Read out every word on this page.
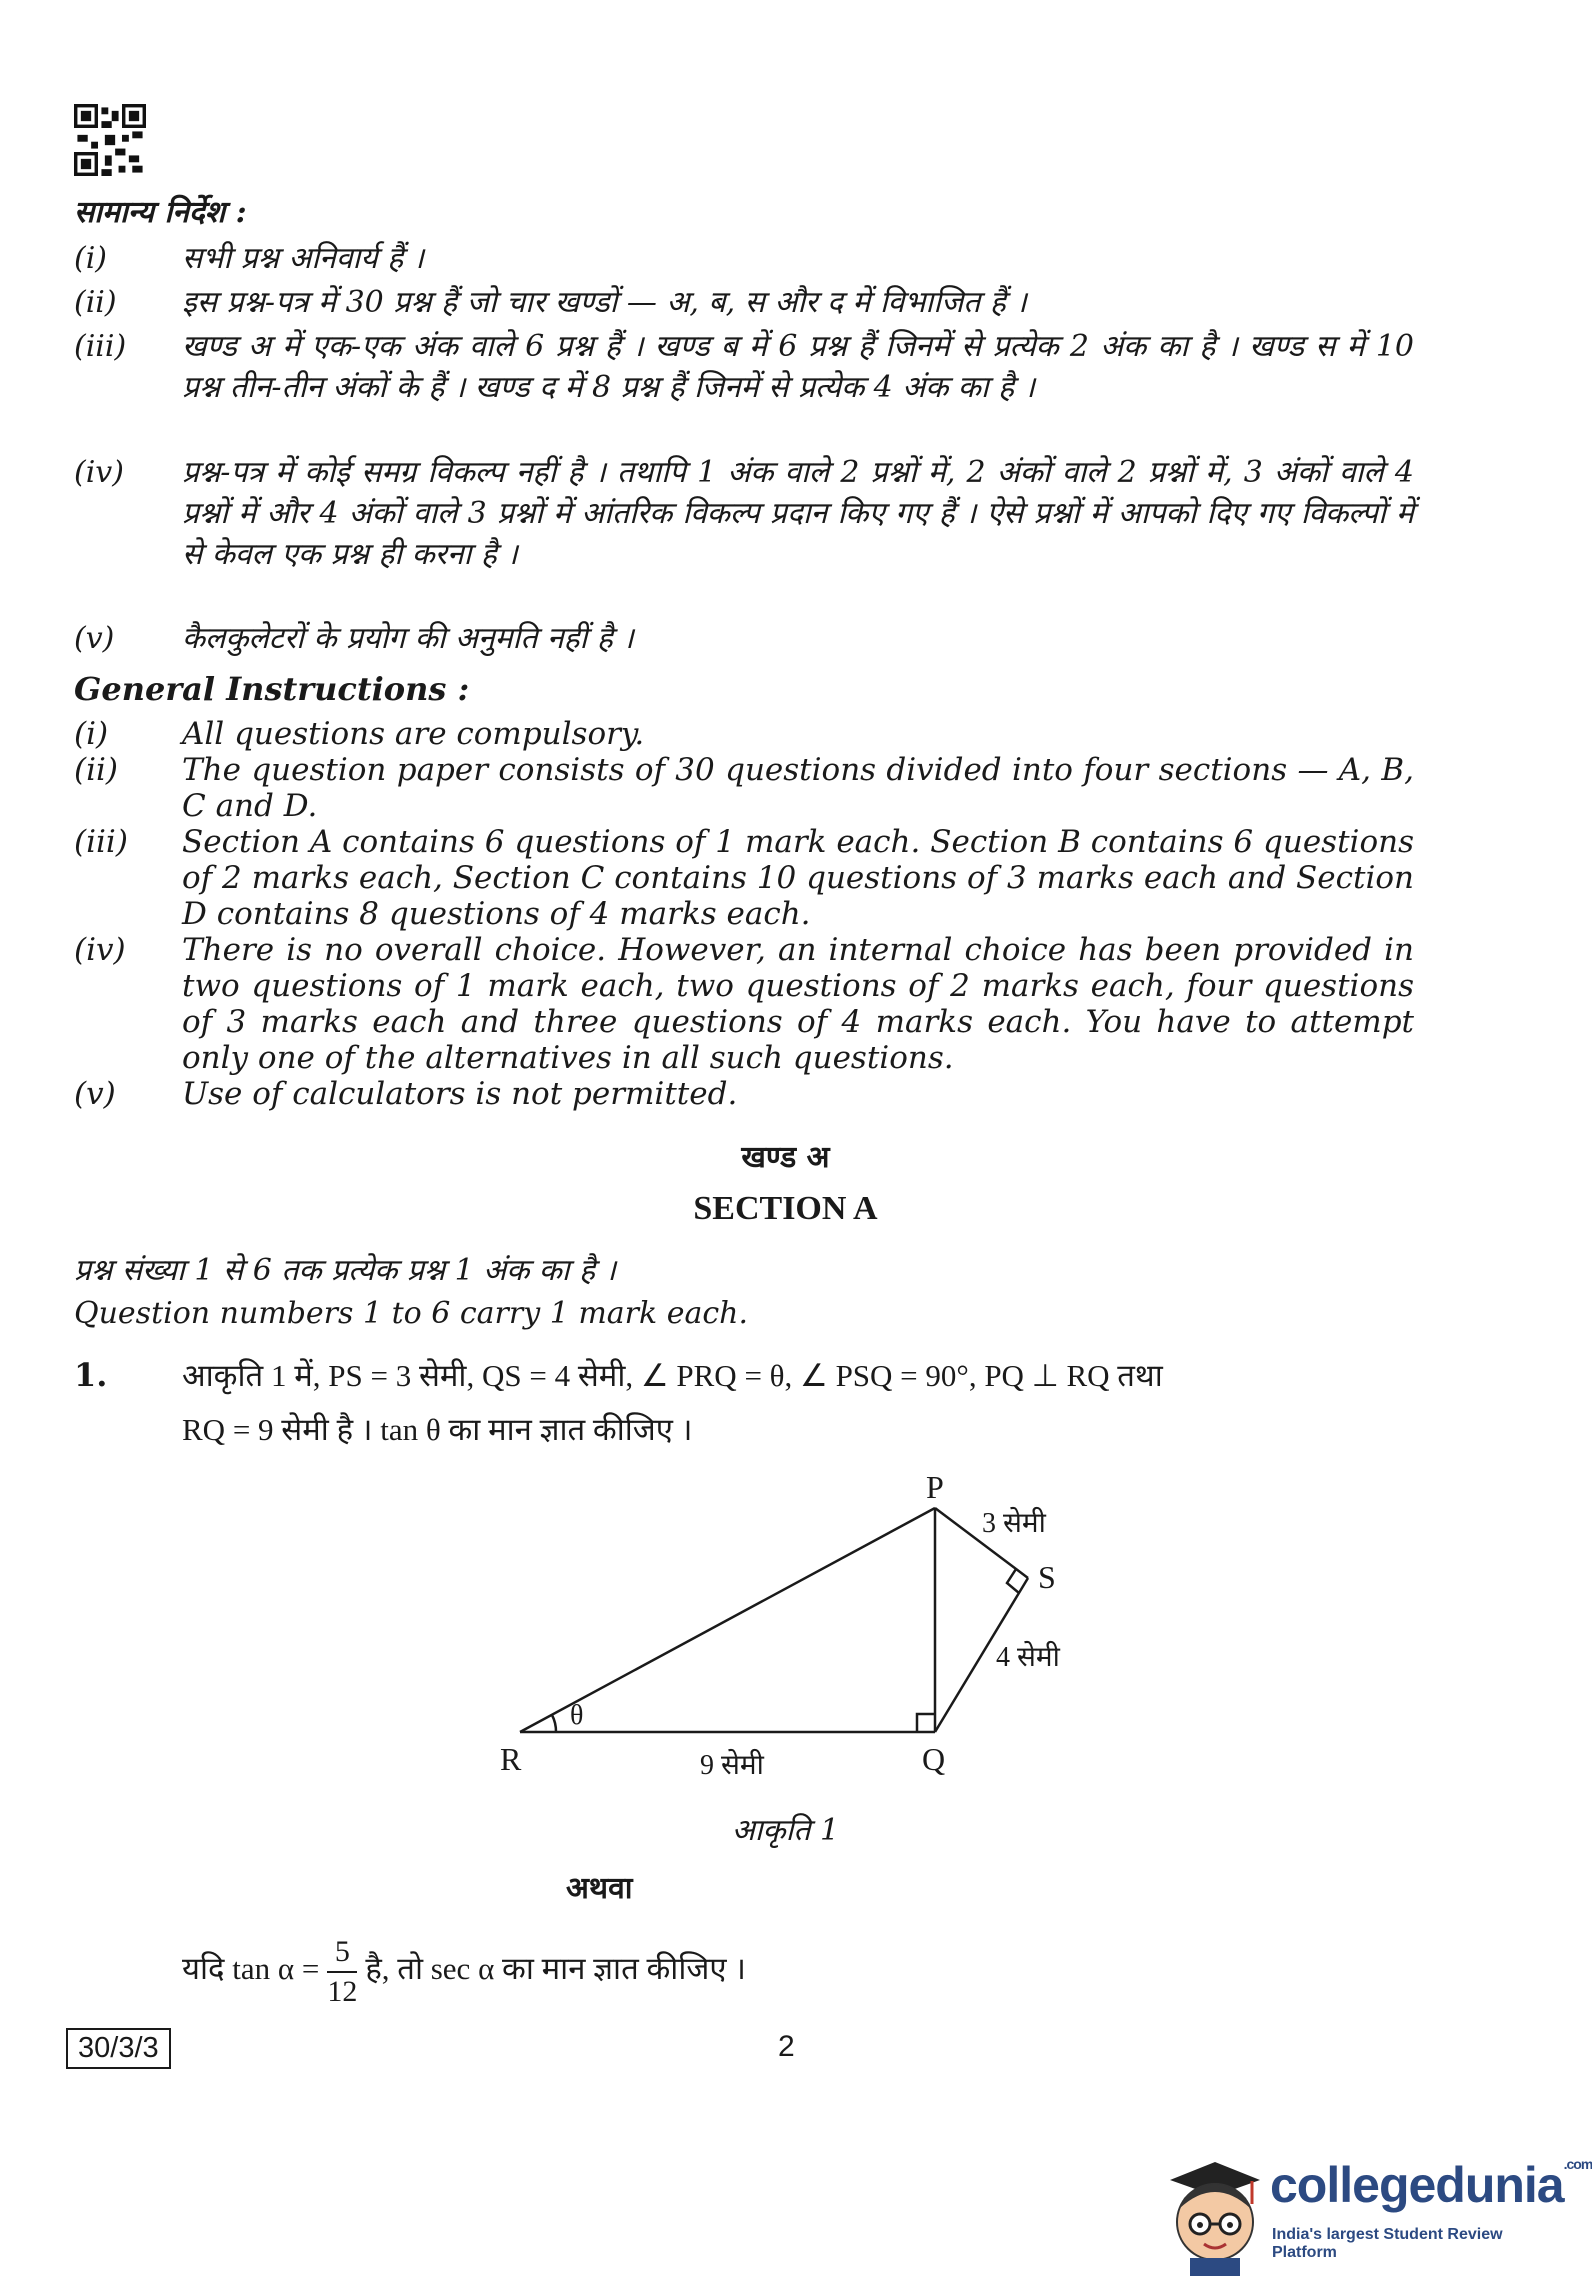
सामान्य निर्देश :
(i) सभी प्रश्न अनिवार्य हैं ।
(ii) इस प्रश्न-पत्र में 30 प्रश्न हैं जो चार खण्डों — अ, ब, स और द में विभाजित हैं ।
(iii) खण्ड अ में एक-एक अंक वाले 6 प्रश्न हैं । खण्ड ब में 6 प्रश्न हैं जिनमें से प्रत्येक 2 अंक का है । खण्ड स में 10 प्रश्न तीन-तीन अंकों के हैं । खण्ड द में 8 प्रश्न हैं जिनमें से प्रत्येक 4 अंक का है ।
(iv) प्रश्न-पत्र में कोई समग्र विकल्प नहीं है । तथापि 1 अंक वाले 2 प्रश्नों में, 2 अंकों वाले 2 प्रश्नों में, 3 अंकों वाले 4 प्रश्नों में और 4 अंकों वाले 3 प्रश्नों में आंतरिक विकल्प प्रदान किए गए हैं । ऐसे प्रश्नों में आपको दिए गए विकल्पों में से केवल एक प्रश्न ही करना है ।
(v) कैलकुलेटरों के प्रयोग की अनुमति नहीं है ।
General Instructions :
(i) All questions are compulsory.
(ii) The question paper consists of 30 questions divided into four sections — A, B, C and D.
(iii) Section A contains 6 questions of 1 mark each. Section B contains 6 questions of 2 marks each, Section C contains 10 questions of 3 marks each and Section D contains 8 questions of 4 marks each.
(iv) There is no overall choice. However, an internal choice has been provided in two questions of 1 mark each, two questions of 2 marks each, four questions of 3 marks each and three questions of 4 marks each. You have to attempt only one of the alternatives in all such questions.
(v) Use of calculators is not permitted.
खण्ड अ
SECTION A
प्रश्न संख्या 1 से 6 तक प्रत्येक प्रश्न 1 अंक का है ।
Question numbers 1 to 6 carry 1 mark each.
1. आकृति 1 में, PS = 3 सेमी, QS = 4 सेमी, ∠ PRQ = θ, ∠ PSQ = 90°, PQ ⊥ RQ तथा
RQ = 9 सेमी है । tan θ का मान ज्ञात कीजिए ।
P
S
R	Q
θ
3 सेमी
4 सेमी
9 सेमी
आकृति 1
अथवा
यदि $\tan \alpha = \frac{5}{12}$ है, तो sec α का मान ज्ञात कीजिए ।
30/3/3	2
collegedunia$^{.com}$
India's largest Student Review Platform
